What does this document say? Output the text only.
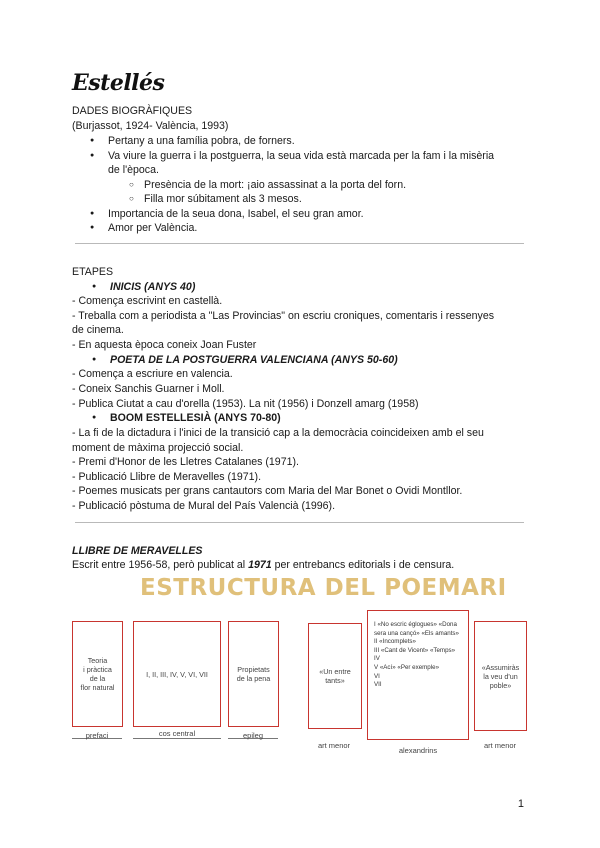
Estellés
DADES BIOGRÀFIQUES
(Burjassot, 1924- València, 1993)
● Pertany a una família pobra, de forners.
● Va viure la guerra i la postguerra, la seua vida està marcada per la fam i la misèria
de l'època.
○ Presència de la mort: ¡aio assassinat a la porta del forn.
○ Filla mor súbitament als 3 mesos.
● Importancia de la seua dona, Isabel, el seu gran amor.
● Amor per València.
ETAPES
● INICIS (ANYS 40)
- Comença escrivint en castellà.
- Treballa com a periodista a "Las Provincias" on escriu croniques, comentaris i ressenyes
de cinema.
- En aquesta època coneix Joan Fuster
● POETA DE LA POSTGUERRA VALENCIANA (ANYS 50-60)
- Comença a escriure en valencia.
- Coneix Sanchis Guarner i Moll.
- Publica Ciutat a cau d'orella (1953). La nit (1956) i Donzell amarg (1958)
● BOOM ESTELLESIÀ (ANYS 70-80)
- La fi de la dictadura i l'inici de la transició cap a la democràcia coincideixen amb el seu
moment de màxima projecció social.
- Premi d'Honor de les Lletres Catalanes (1971).
- Publicació Llibre de Meravelles (1971).
- Poemes musicats per grans cantautors com Maria del Mar Bonet o Ovidi Montllor.
- Publicació pòstuma de Mural del País Valencià (1996).
LLIBRE DE MERAVELLES
Escrit entre 1956-58, però publicat al 1971 per entrebancs editorials i de censura.
ESTRUCTURA DEL POEMARI
Teoria
i pràctica
de la
flor natural
I, II, III, IV, V, VI, VII	Propietats
de la pena
prefaci	cos central	epileg
«Un entre
tants»
I «No escric églogues» «Dona
sera una cançó» «Els amants»
II «Incomplets»
III «Cant de Vicent» «Temps»
IV
V «Ací» «Per exemple»
VI
VII
«Assumiràs
la veu d'un
poble»
art menor
alexandrins
art menor
1
